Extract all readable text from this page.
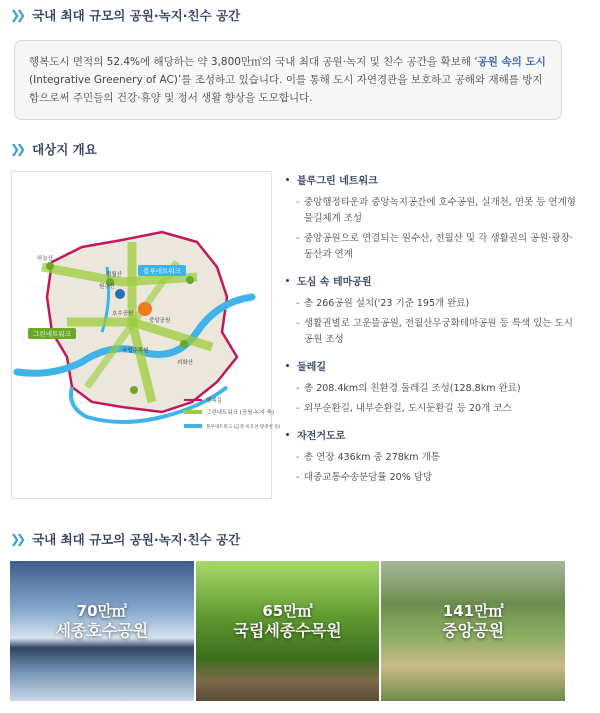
❯❯ 국내 최대 규모의 공원·녹지·친수 공간
행복도시 면적의 52.4%에 해당하는 약 3,800만㎡의 국내 최대 공원·녹지 및 친수 공간을 확보해 ‘공원 속의 도시(Integrative Greenery of AC)’를 조성하고 있습니다. 이를 통해 도시 자연경관을 보호하고 공해와 재해를 방지함으로써 주민들의 건강·휴양 및 정서 생활 향상을 도모합니다.
❯❯ 대상지 개요
블루네트워크
그린네트워크
원수산
전월산
중앙공원
호수공원
국립수목원
괴화산
하늘산
행복길
그린네트워크 (공원·녹지 축)
블루네트워크 (금강·미호천·방축천 등)
블루그린 네트워크
- 중앙행정타운과 중앙녹지공간에 호수공원, 실개천, 연못 등 연계형 물길체계 조성
- 중앙공원으로 연결되는 원수산, 전월산 및 각 생활권의 공원·광장·동산과 연계
도심 속 테마공원
- 총 266공원 설치('23 기준 195개 완료)
- 생활권별로 고운뜰공원, 전월산무궁화테마공원 등 특색 있는 도시공원 조성
둘레길
- 총 208.4km의 친환경 둘레길 조성(128.8km 완료)
- 외부순환길, 내부순환길, 도시둔환길 등 20개 코스
자전거도로
- 총 연장 436km 중 278km 개통
- 대중교통수송분담률 20% 담당
❯❯ 국내 최대 규모의 공원·녹지·친수 공간
70만㎡
세종호수공원
65만㎡
국립세종수목원
141만㎡
중앙공원
